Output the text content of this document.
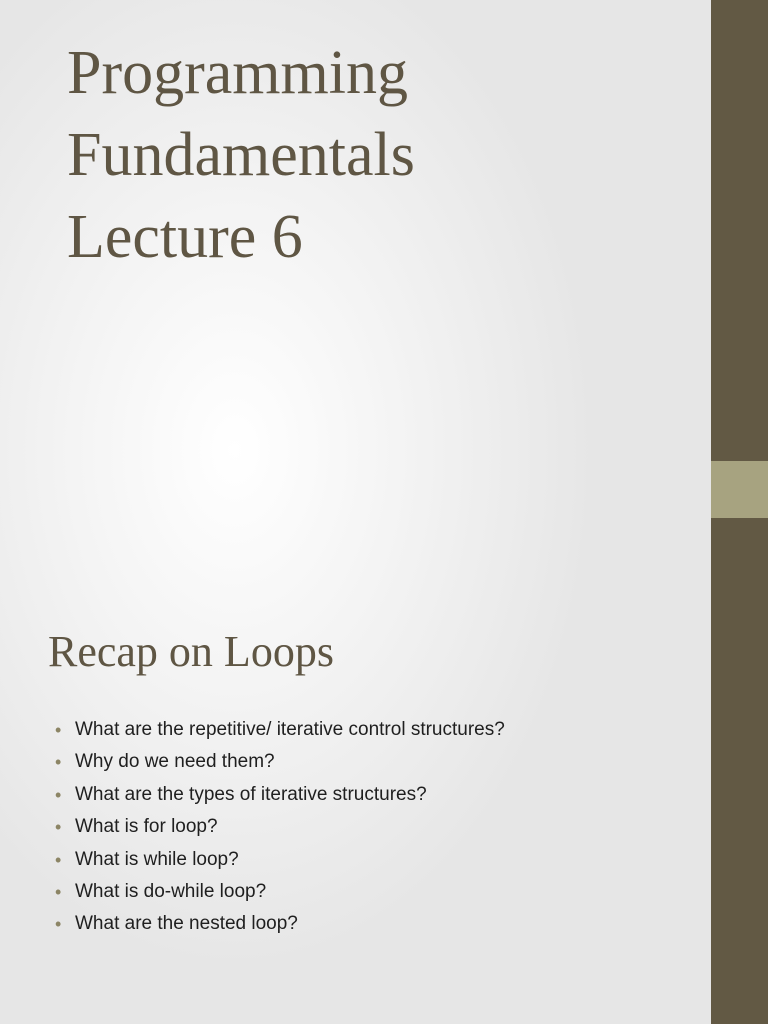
Programming
Fundamentals
Lecture 6
Recap on Loops
• What are the repetitive/ iterative control structures?
• Why do we need them?
• What are the types of iterative structures?
• What is for loop?
• What is while loop?
• What is do-while loop?
• What are the nested loop?
